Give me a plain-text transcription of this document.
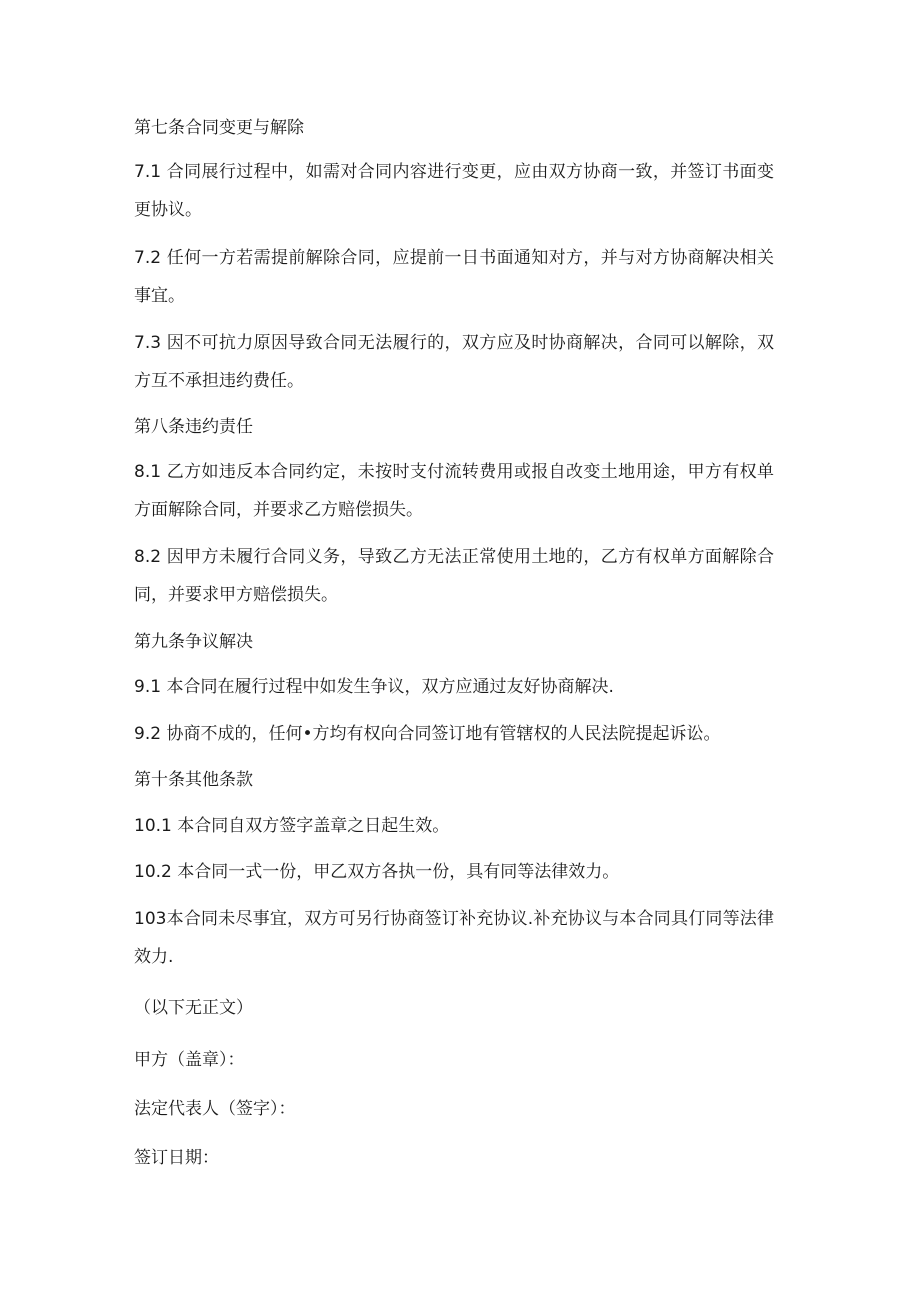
第七条合同变更与解除
7.1 合同展行过程中，如需对合同内容进行变更，应由双方协商一致，并签订书面变
更协议。
7.2 任何一方若需提前解除合同，应提前一日书面通知对方，并与对方协商解决相关
事宜。
7.3 因不可抗力原因导致合同无法履行的，双方应及时协商解决，合同可以解除，双
方互不承担违约费任。
第八条违约责任
8.1 乙方如违反本合同约定，未按时支付流转费用或报自改变土地用途，甲方有权单
方面解除合同，并要求乙方赔偿损失。
8.2 因甲方未履行合同义务，导致乙方无法正常使用土地的，乙方有权单方面解除合
同，并要求甲方赔偿损失。
第九条争议解决
9.1 本合同在履行过程中如发生争议，双方应通过友好协商解决.
9.2 协商不成的，任何•方均有权向合同签订地有管辖权的人民法院提起诉讼。
第十条其他条款
10.1 本合同自双方签字盖章之日起生效。
10.2 本合同一式一份，甲乙双方各执一份，具有同等法律效力。
103本合同未尽事宜，双方可另行协商签订补充协议.补充协议与本合同具仃同等法律
效力.
（以下无正文）
甲方（盖章）：
法定代表人（签字）：
签订日期：
